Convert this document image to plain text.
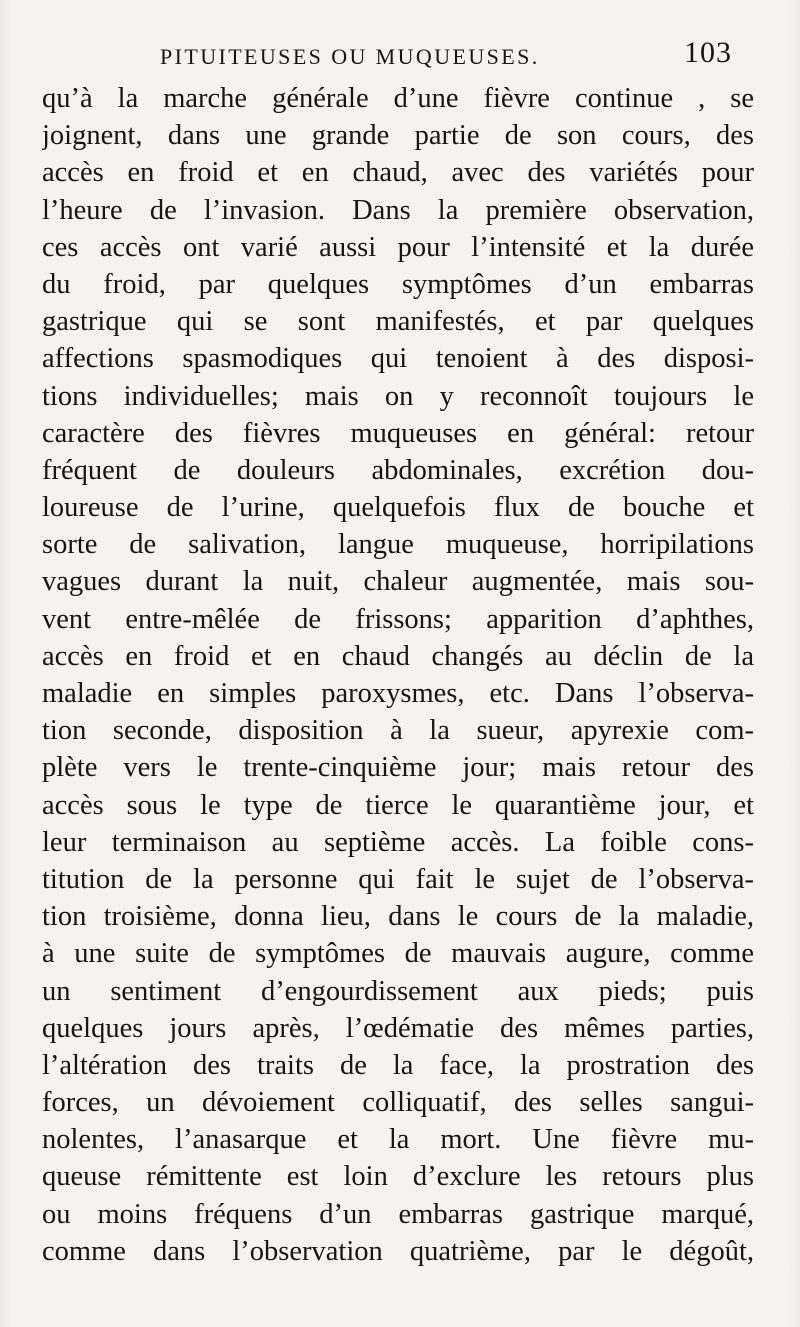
PITUITEUSES OU MUQUEUSES.	103
qu’à la marche générale d’une fièvre continue , se
joignent, dans une grande partie de son cours, des
accès en froid et en chaud, avec des variétés pour
l’heure de l’invasion. Dans la première observation,
ces accès ont varié aussi pour l’intensité et la durée
du froid, par quelques symptômes d’un embarras
gastrique qui se sont manifestés, et par quelques
affections spasmodiques qui tenoient à des disposi-
tions individuelles; mais on y reconnoît toujours le
caractère des fièvres muqueuses en général: retour
fréquent de douleurs abdominales, excrétion dou-
loureuse de l’urine, quelquefois flux de bouche et
sorte de salivation, langue muqueuse, horripilations
vagues durant la nuit, chaleur augmentée, mais sou-
vent entre-mêlée de frissons; apparition d’aphthes,
accès en froid et en chaud changés au déclin de la
maladie en simples paroxysmes, etc. Dans l’observa-
tion seconde, disposition à la sueur, apyrexie com-
plète vers le trente-cinquième jour; mais retour des
accès sous le type de tierce le quarantième jour, et
leur terminaison au septième accès. La foible cons-
titution de la personne qui fait le sujet de l’observa-
tion troisième, donna lieu, dans le cours de la maladie,
à une suite de symptômes de mauvais augure, comme
un sentiment d’engourdissement aux pieds; puis
quelques jours après, l’œdématie des mêmes parties,
l’altération des traits de la face, la prostration des
forces, un dévoiement colliquatif, des selles sangui-
nolentes, l’anasarque et la mort. Une fièvre mu-
queuse rémittente est loin d’exclure les retours plus
ou moins fréquens d’un embarras gastrique marqué,
comme dans l’observation quatrième, par le dégoût,
